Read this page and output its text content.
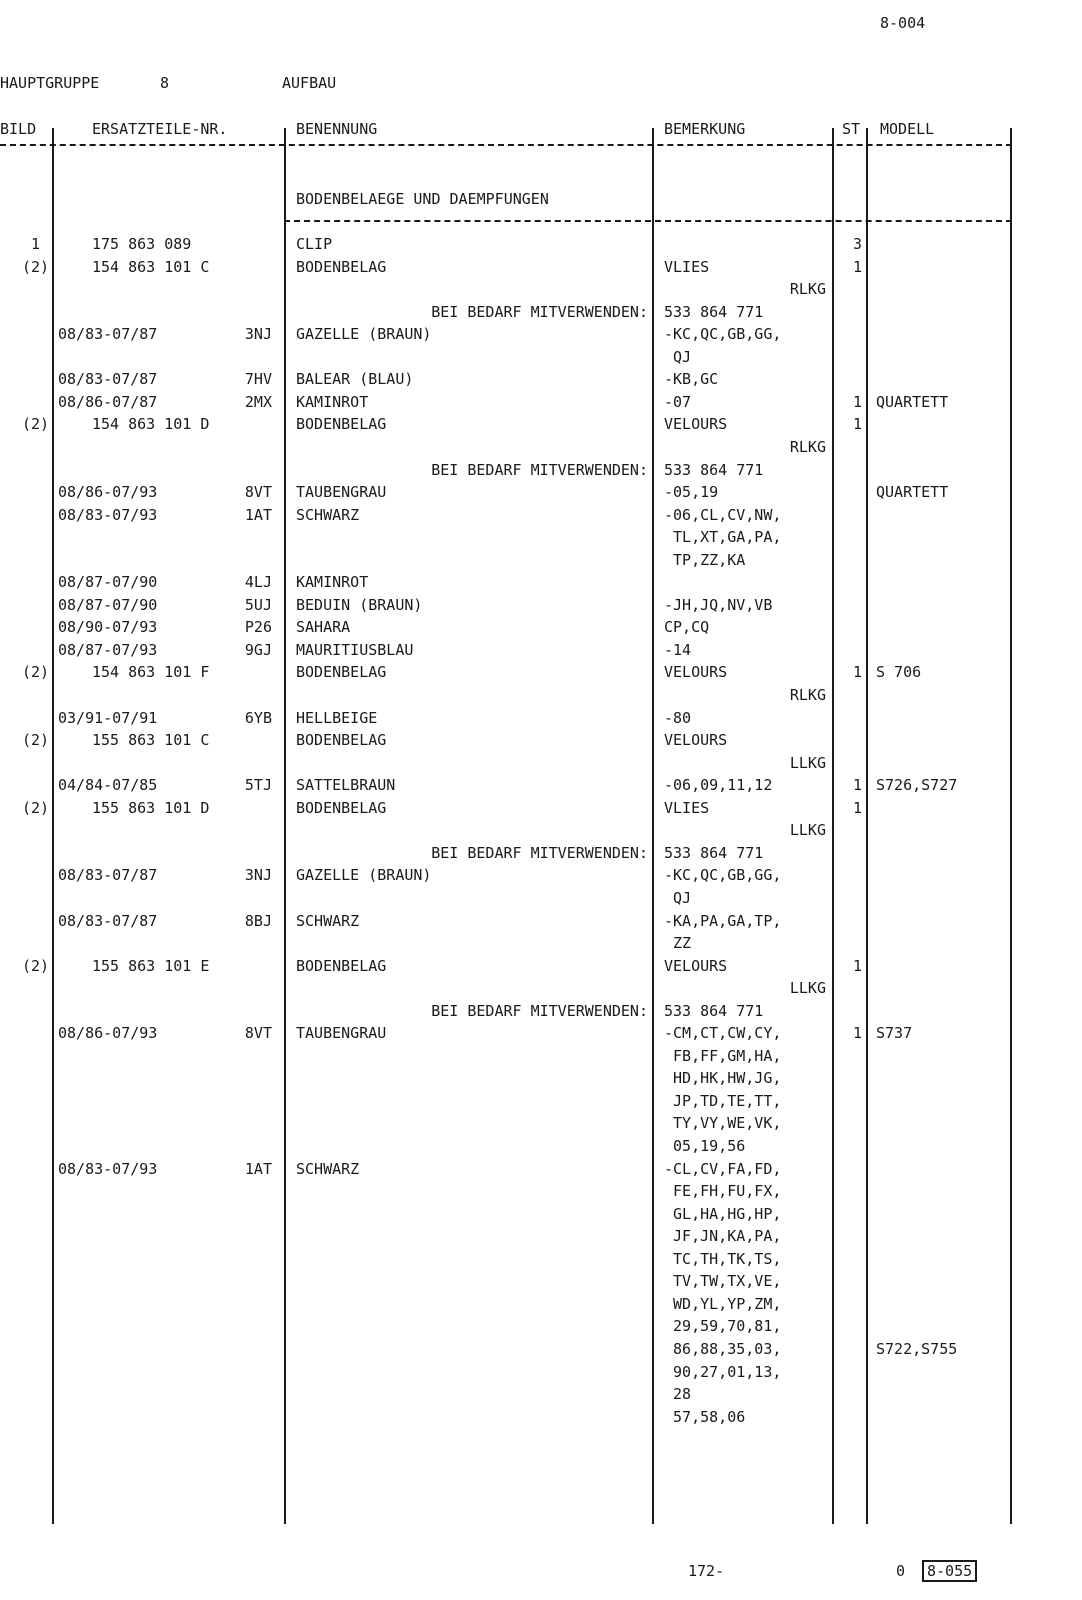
8-004
HAUPTGRUPPE	8	AUFBAU
BILD	ERSATZTEILE-NR.	BENENNUNG	BEMERKUNG	ST MODELL
BODENBELAEGE UND DAEMPFUNGEN
1	175 863 089	CLIP	3
(2)	154 863 101 C	BODENBELAG	VLIES	1
RLKG
BEI BEDARF MITVERWENDEN: 533 864 771
08/83-07/87	3NJ GAZELLE (BRAUN)	-KC,QC,GB,GG,
QJ
08/83-07/87	7HV BALEAR (BLAU)	-KB,GC
08/86-07/87	2MX KAMINROT	-07	1 QUARTETT
(2)	154 863 101 D	BODENBELAG	VELOURS	1
RLKG
BEI BEDARF MITVERWENDEN: 533 864 771
08/86-07/93	8VT TAUBENGRAU	-05,19	QUARTETT
08/83-07/93	1AT SCHWARZ	-06,CL,CV,NW,
TL,XT,GA,PA,
TP,ZZ,KA
08/87-07/90	4LJ KAMINROT
08/87-07/90	5UJ BEDUIN (BRAUN)	-JH,JQ,NV,VB
08/90-07/93	P26 SAHARA	CP,CQ
08/87-07/93	9GJ MAURITIUSBLAU	-14
(2)	154 863 101 F	BODENBELAG	VELOURS	1 S 706
RLKG
03/91-07/91	6YB HELLBEIGE	-80
(2)	155 863 101 C	BODENBELAG	VELOURS
LLKG
04/84-07/85	5TJ SATTELBRAUN	-06,09,11,12	1 S726,S727
(2)	155 863 101 D	BODENBELAG	VLIES	1
LLKG
BEI BEDARF MITVERWENDEN: 533 864 771
08/83-07/87	3NJ GAZELLE (BRAUN)	-KC,QC,GB,GG,
QJ
08/83-07/87	8BJ SCHWARZ	-KA,PA,GA,TP,
ZZ
(2)	155 863 101 E	BODENBELAG	VELOURS	1
LLKG
BEI BEDARF MITVERWENDEN: 533 864 771
08/86-07/93	8VT TAUBENGRAU	-CM,CT,CW,CY,	1 S737
FB,FF,GM,HA,
HD,HK,HW,JG,
JP,TD,TE,TT,
TY,VY,WE,VK,
05,19,56
08/83-07/93	1AT SCHWARZ	-CL,CV,FA,FD,
FE,FH,FU,FX,
GL,HA,HG,HP,
JF,JN,KA,PA,
TC,TH,TK,TS,
TV,TW,TX,VE,
WD,YL,YP,ZM,
29,59,70,81,
86,88,35,03,	S722,S755
90,27,01,13,
28
57,58,06
172-	0	8-055
